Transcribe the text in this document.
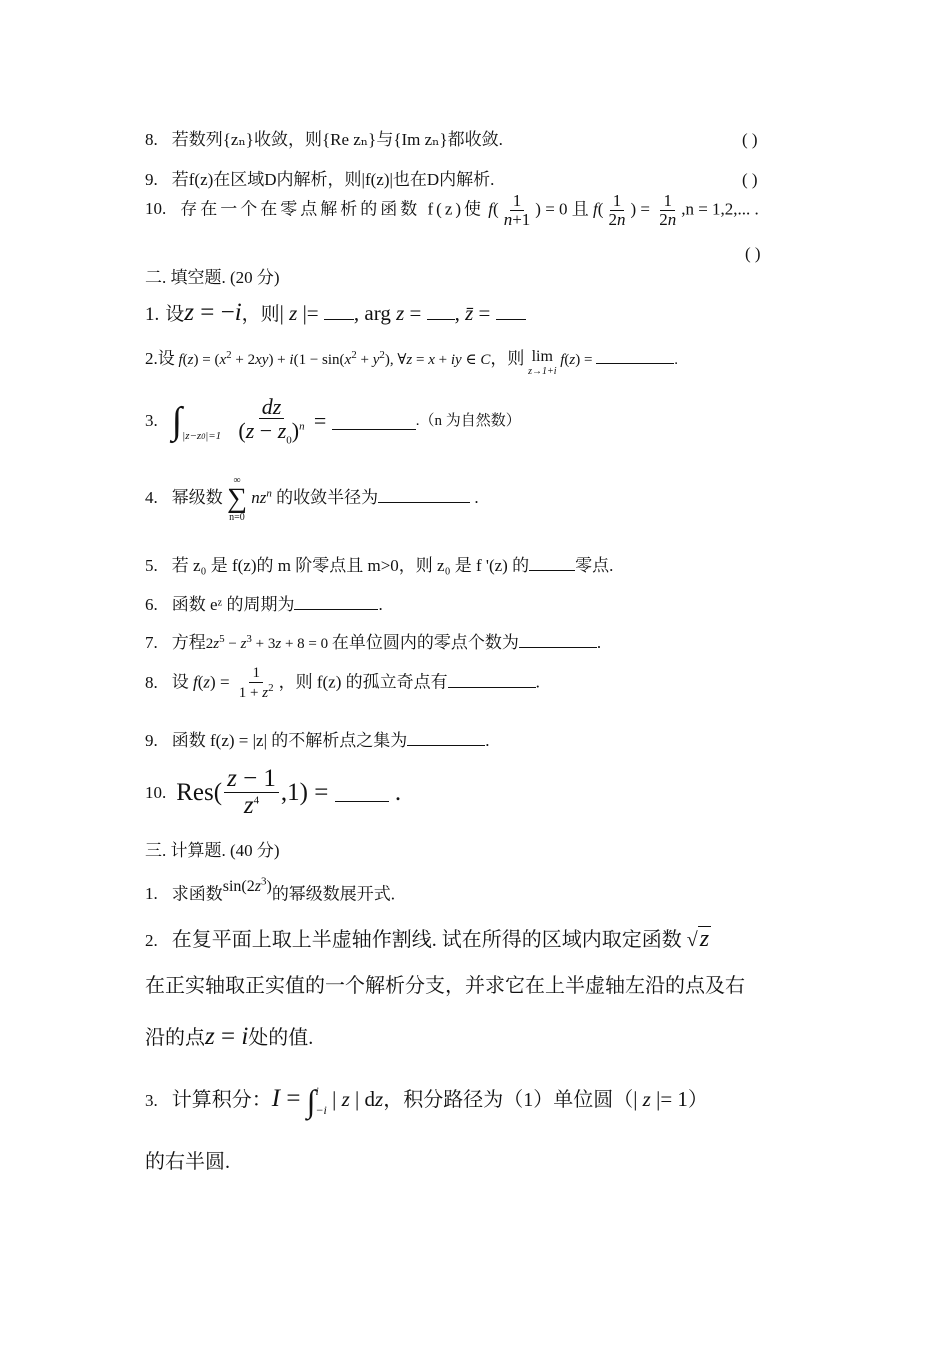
8. 若数列{zₙ}收敛，则{Re zₙ}与{Im zₙ}都收敛.	( )
9. 若f(z)在区域D内解析，则|f(z)|也在D内解析.	( )
10. 存在一个在零点解析的函数 f(z)使 $f( \frac{1}{n+1}$ ) = 0 且 $f( \frac{1}{2n}$ ) = $\frac{1}{2n} ,n = 1,2$,... .
( )
二. 填空题. (20 分)
1. 设z = −i，则| z |= , arg z = , z̄ =
2.设 $f(z) = (x^2 + 2xy) + i(1 - \sin(x^2 + y^2)$, ∀z = x + iy ∈ C，则 lim
z→1+i
f(z) =	.
3. $\int_{|z-z0|=1} \frac{dz}{(z - z_0)^n}$ =	.（n 为自然数）
4. 幂级数
∞
∑
n=0
$nz^n$ 的收敛半径为	.
5. 若 z₀ 是 f(z)的 m 阶零点且 m>0，则 z₀ 是 f '(z) 的	零点.
6. 函数 eᶻ 的周期为	.
7. 方程$2z^5 - z^3 + 3z + 8 = 0$ 在单位圆内的零点个数为	.
8. 设 $f(z) = \frac{1}{1 + z^2}$ ，则 f(z) 的孤立奇点有	.
9. 函数 f(z) = |z| 的不解析点之集为	.
10. $Res( \frac{z - 1}{z^4} ,1)$ =  .
三. 计算题. (40 分)
1. 求函数$\sin(2z^3)$的幂级数展开式.
2. 在复平面上取上半虚轴作割线. 试在所得的区域内取定函数 √z
在正实轴取正实值的一个解析分支，并求它在上半虚轴左沿的点及右
沿的点z = i处的值.
3. 计算积分：I = ∫ i
−i | z | dz，积分路径为（1）单位圆（| z |= 1）
的右半圆.
